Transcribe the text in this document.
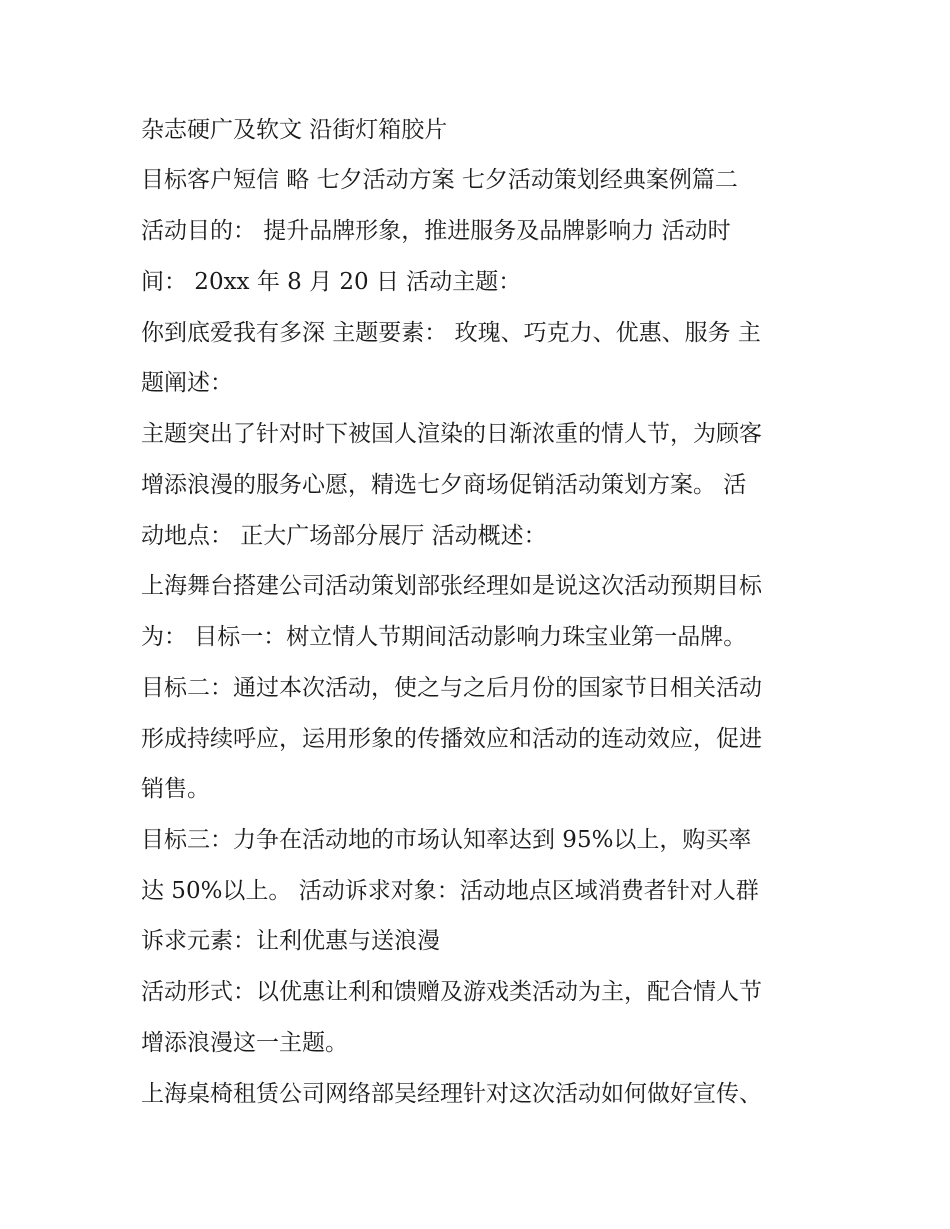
杂志硬广及软文 沿街灯箱胶片
目标客户短信 略 七夕活动方案 七夕活动策划经典案例篇二
活动目的： 提升品牌形象，推进服务及品牌影响力 活动时
间： 20xx 年 8 月 20 日 活动主题：
你到底爱我有多深 主题要素： 玫瑰、巧克力、优惠、服务 主
题阐述：
主题突出了针对时下被国人渲染的日渐浓重的情人节，为顾客
增添浪漫的服务心愿，精选七夕商场促销活动策划方案。 活
动地点： 正大广场部分展厅 活动概述：
上海舞台搭建公司活动策划部张经理如是说这次活动预期目标
为： 目标一：树立情人节期间活动影响力珠宝业第一品牌。
目标二：通过本次活动，使之与之后月份的国家节日相关活动
形成持续呼应，运用形象的传播效应和活动的连动效应，促进
销售。
目标三：力争在活动地的市场认知率达到 95%以上，购买率
达 50%以上。 活动诉求对象：活动地点区域消费者针对人群
诉求元素：让利优惠与送浪漫
活动形式：以优惠让利和馈赠及游戏类活动为主，配合情人节
增添浪漫这一主题。
上海桌椅租赁公司网络部吴经理针对这次活动如何做好宣传、
